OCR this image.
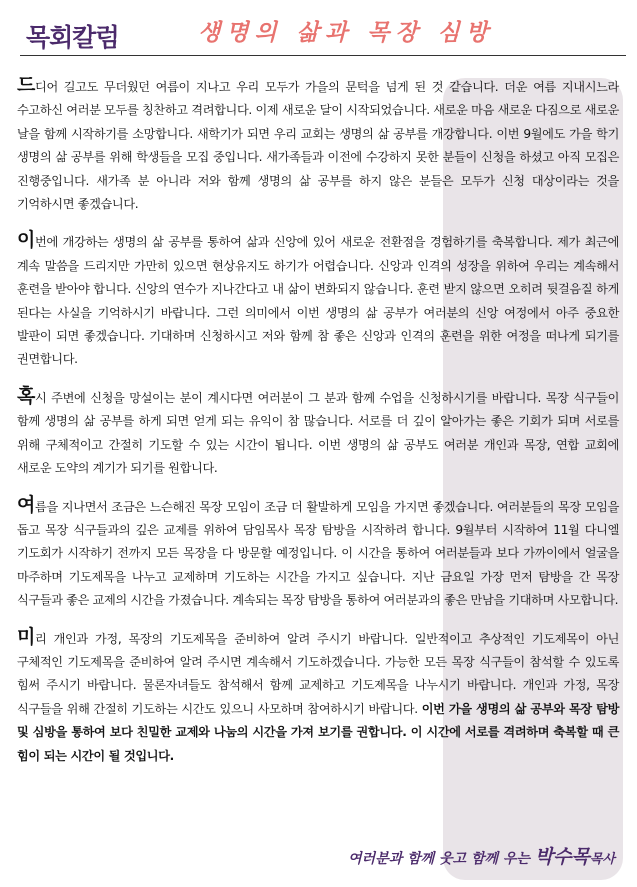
목회칼럼	생명의 삶과 목장 심방

드디어 길고도 무더웠던 여름이 지나고 우리 모두가 가을의 문턱을 넘게 된 것 같습니다. 더운 여름 지내시느라 수고하신 여러분 모두를 칭찬하고 격려합니다. 이제 새로운 달이 시작되었습니다. 새로운 마음 새로운 다짐으로 새로운 날을 함께 시작하기를 소망합니다. 새학기가 되면 우리 교회는 생명의 삶 공부를 개강합니다. 이번 9월에도 가을 학기 생명의 삶 공부를 위해 학생들을 모집 중입니다. 새가족들과 이전에 수강하지 못한 분들이 신청을 하셨고 아직 모집은 진행중입니다. 새가족 분 아니라 저와 함께 생명의 삶 공부를 하지 않은 분들은 모두가 신청 대상이라는 것을 기억하시면 좋겠습니다.

이번에 개강하는 생명의 삶 공부를 통하여 삶과 신앙에 있어 새로운 전환점을 경험하기를 축복합니다. 제가 최근에 계속 말씀을 드리지만 가만히 있으면 현상유지도 하기가 어렵습니다. 신앙과 인격의 성장을 위하여 우리는 계속해서 훈련을 받아야 합니다. 신앙의 연수가 지나간다고 내 삶이 변화되지 않습니다. 훈련 받지 않으면 오히려 뒷걸음질 하게 된다는 사실을 기억하시기 바랍니다. 그런 의미에서 이번 생명의 삶 공부가 여러분의 신앙 여정에서 아주 중요한 발판이 되면 좋겠습니다. 기대하며 신청하시고 저와 함께 참 좋은 신앙과 인격의 훈련을 위한 여정을 떠나게 되기를 권면합니다.

혹시 주변에 신청을 망설이는 분이 계시다면 여러분이 그 분과 함께 수업을 신청하시기를 바랍니다. 목장 식구들이 함께 생명의 삶 공부를 하게 되면 얻게 되는 유익이 참 많습니다. 서로를 더 깊이 알아가는 좋은 기회가 되며 서로를 위해 구체적이고 간절히 기도할 수 있는 시간이 됩니다. 이번 생명의 삶 공부도 여러분 개인과 목장, 연합 교회에 새로운 도약의 계기가 되기를 원합니다.

여름을 지나면서 조금은 느슨해진 목장 모임이 조금 더 활발하게 모임을 가지면 좋겠습니다. 여러분들의 목장 모임을 돕고 목장 식구들과의 깊은 교제를 위하여 담임목사 목장 탐방을 시작하려 합니다. 9월부터 시작하여 11월 다니엘 기도회가 시작하기 전까지 모든 목장을 다 방문할 예정입니다. 이 시간을 통하여 여러분들과 보다 가까이에서 얼굴을 마주하며 기도제목을 나누고 교제하며 기도하는 시간을 가지고 싶습니다. 지난 금요일 가장 먼저 탐방을 간 목장 식구들과 좋은 교제의 시간을 가졌습니다. 계속되는 목장 탐방을 통하여 여러분과의 좋은 만남을 기대하며 사모합니다.

미리 개인과 가정, 목장의 기도제목을 준비하여 알려 주시기 바랍니다. 일반적이고 추상적인 기도제목이 아닌 구체적인 기도제목을 준비하여 알려 주시면 계속해서 기도하겠습니다. 가능한 모든 목장 식구들이 참석할 수 있도록 힘써 주시기 바랍니다. 물론자녀들도 참석해서 함께 교제하고 기도제목을 나누시기 바랍니다. 개인과 가정, 목장 식구들을 위해 간절히 기도하는 시간도 있으니 사모하며 참여하시기 바랍니다. 이번 가을 생명의 삶 공부와 목장 탐방 및 심방을 통하여 보다 친밀한 교제와 나눔의 시간을 가져 보기를 권합니다. 이 시간에 서로를 격려하며 축복할 때 큰 힘이 되는 시간이 될 것입니다.

여러분과 함께 웃고 함께 우는 박수목목사
